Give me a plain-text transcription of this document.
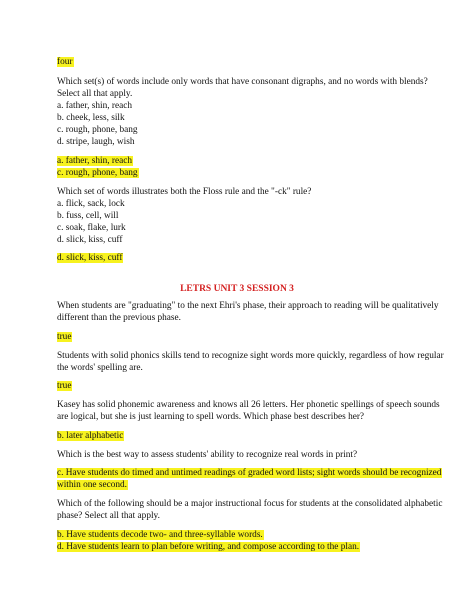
four
Which set(s) of words include only words that have consonant digraphs, and no words with blends?
Select all that apply.
a. father, shin, reach
b. cheek, less, silk
c. rough, phone, bang
d. stripe, laugh, wish
a. father, shin, reach
c. rough, phone, bang
Which set of words illustrates both the Floss rule and the "-ck" rule?
a. flick, sack, lock
b. fuss, cell, will
c. soak, flake, lurk
d. slick, kiss, cuff
d. slick, kiss, cuff
LETRS UNIT 3 SESSION 3
When students are "graduating" to the next Ehri's phase, their approach to reading will be qualitatively
different than the previous phase.
true
Students with solid phonics skills tend to recognize sight words more quickly, regardless of how regular
the words' spelling are.
true
Kasey has solid phonemic awareness and knows all 26 letters. Her phonetic spellings of speech sounds
are logical, but she is just learning to spell words. Which phase best describes her?
b. later alphabetic
Which is the best way to assess students' ability to recognize real words in print?
c. Have students do timed and untimed readings of graded word lists; sight words should be recognized
within one second.
Which of the following should be a major instructional focus for students at the consolidated alphabetic
phase? Select all that apply.
b. Have students decode two- and three-syllable words.
d. Have students learn to plan before writing, and compose according to the plan.
